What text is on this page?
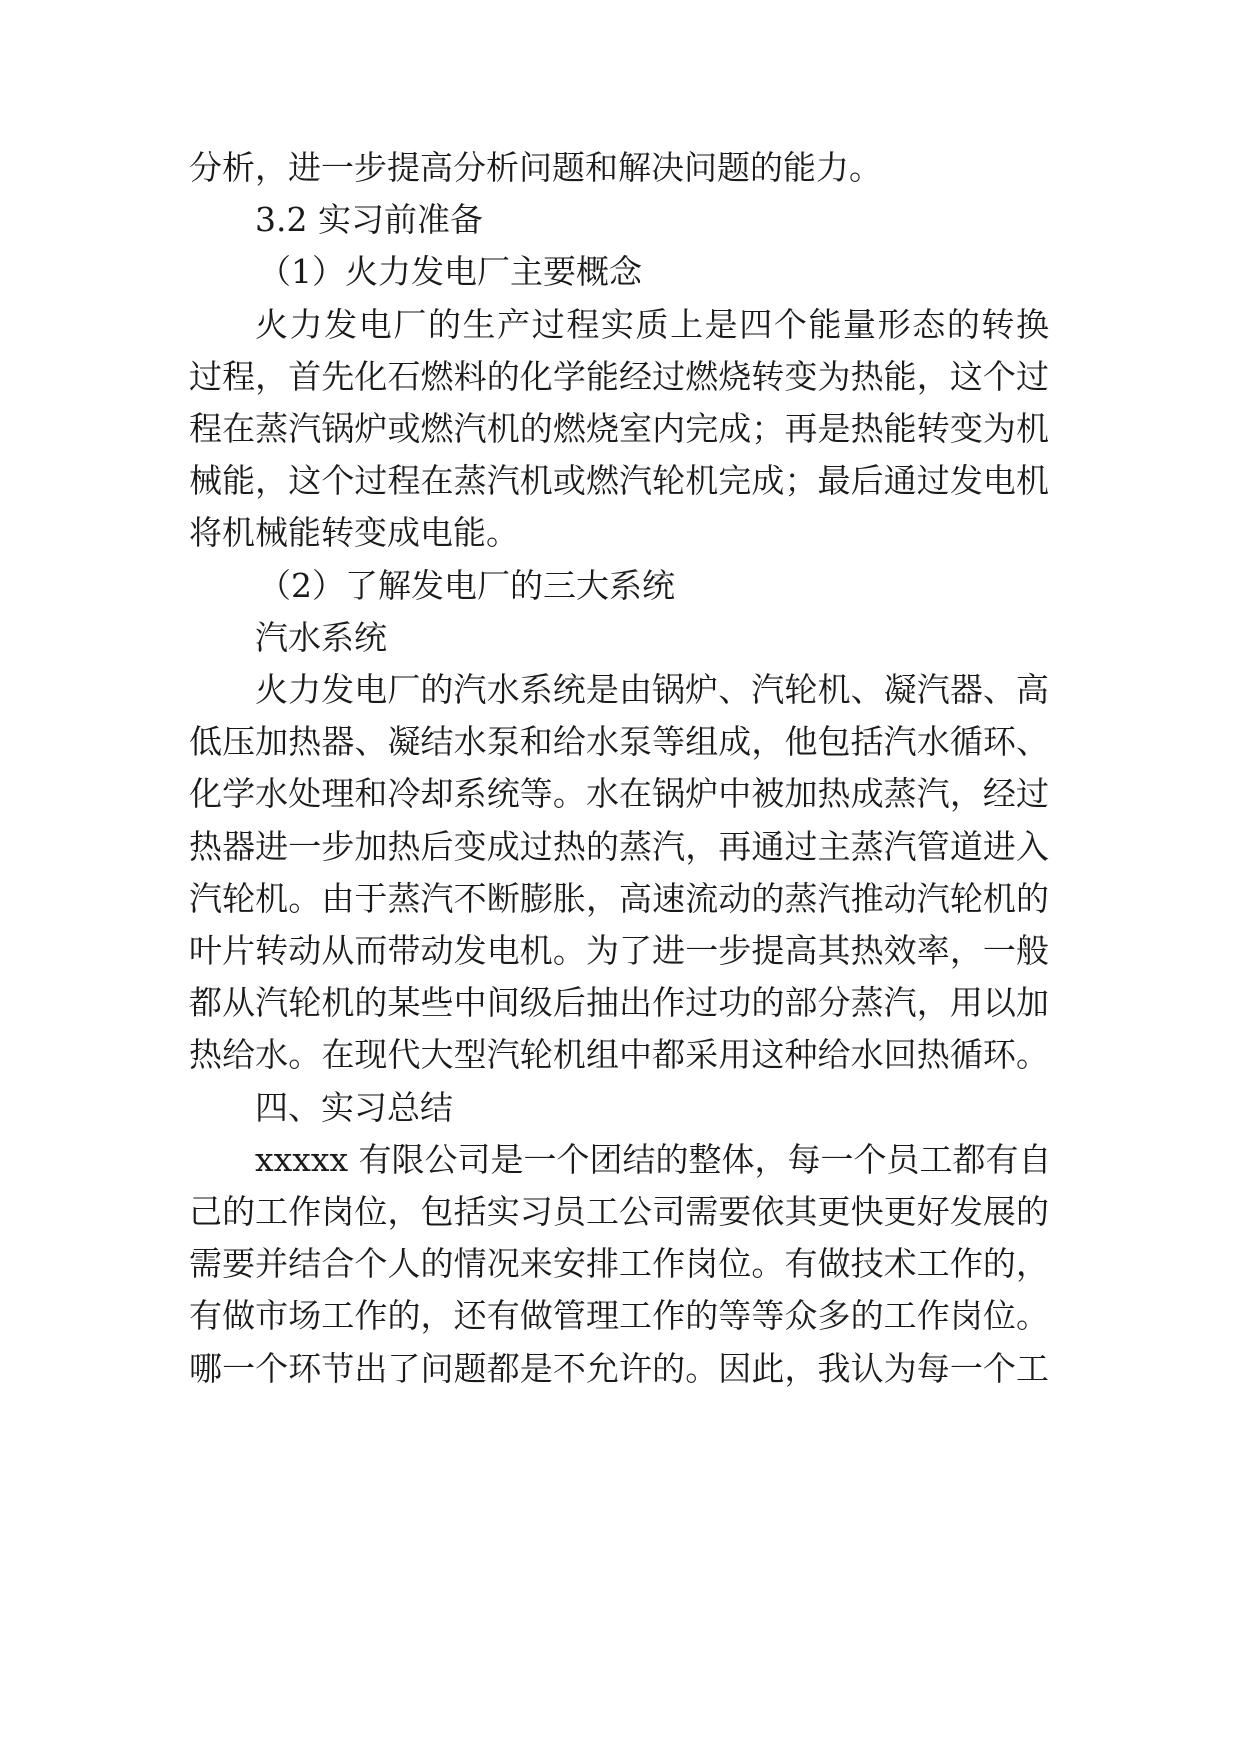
分析，进一步提高分析问题和解决问题的能力。
3.2 实习前准备
（1）火力发电厂主要概念
火力发电厂的生产过程实质上是四个能量形态的转换
过程，首先化石燃料的化学能经过燃烧转变为热能，这个过
程在蒸汽锅炉或燃汽机的燃烧室内完成；再是热能转变为机
械能，这个过程在蒸汽机或燃汽轮机完成；最后通过发电机
将机械能转变成电能。
（2）了解发电厂的三大系统
汽水系统
火力发电厂的汽水系统是由锅炉、汽轮机、凝汽器、高
低压加热器、凝结水泵和给水泵等组成，他包括汽水循环、
化学水处理和冷却系统等。水在锅炉中被加热成蒸汽，经过
热器进一步加热后变成过热的蒸汽，再通过主蒸汽管道进入
汽轮机。由于蒸汽不断膨胀，高速流动的蒸汽推动汽轮机的
叶片转动从而带动发电机。为了进一步提高其热效率，一般
都从汽轮机的某些中间级后抽出作过功的部分蒸汽，用以加
热给水。在现代大型汽轮机组中都采用这种给水回热循环。
四、实习总结
xxxxx 有限公司是一个团结的整体，每一个员工都有自
己的工作岗位，包括实习员工公司需要依其更快更好发展的
需要并结合个人的情况来安排工作岗位。有做技术工作的，
有做市场工作的，还有做管理工作的等等众多的工作岗位。
哪一个环节出了问题都是不允许的。因此，我认为每一个工
